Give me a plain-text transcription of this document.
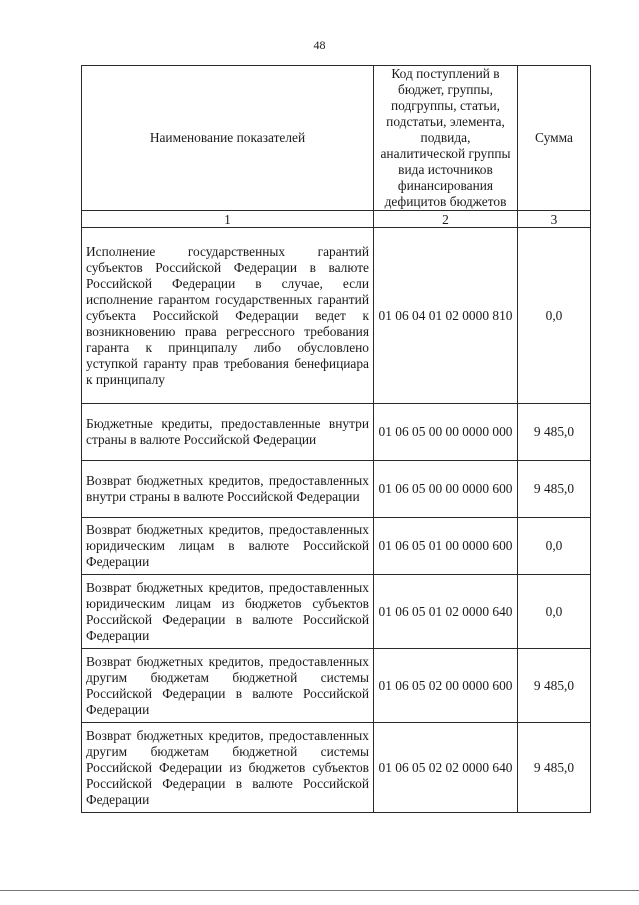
48
Наименование показателей	Код поступлений в бюджет, группы, подгруппы, статьи, подстатьи, элемента, подвида, аналитической группы вида источников финансирования дефицитов бюджетов	Сумма
1	2	3
Исполнение государственных гарантий субъектов Российской Федерации в валюте Российской Федерации в случае, если исполнение гарантом государственных гарантий субъекта Российской Федерации ведет к возникновению права регрессного требования гаранта к принципалу либо обусловлено уступкой гаранту прав требования бенефициара к принципалу	01 06 04 01 02 0000 810	0,0
Бюджетные кредиты, предоставленные внутри страны в валюте Российской Федерации	01 06 05 00 00 0000 000	9 485,0
Возврат бюджетных кредитов, предоставленных внутри страны в валюте Российской Федерации	01 06 05 00 00 0000 600	9 485,0
Возврат бюджетных кредитов, предоставленных юридическим лицам в валюте Российской Федерации	01 06 05 01 00 0000 600	0,0
Возврат бюджетных кредитов, предоставленных юридическим лицам из бюджетов субъектов Российской Федерации в валюте Российской Федерации	01 06 05 01 02 0000 640	0,0
Возврат бюджетных кредитов, предоставленных другим бюджетам бюджетной системы Российской Федерации в валюте Российской Федерации	01 06 05 02 00 0000 600	9 485,0
Возврат бюджетных кредитов, предоставленных другим бюджетам бюджетной системы Российской Федерации из бюджетов субъектов Российской Федерации в валюте Российской Федерации	01 06 05 02 02 0000 640	9 485,0
